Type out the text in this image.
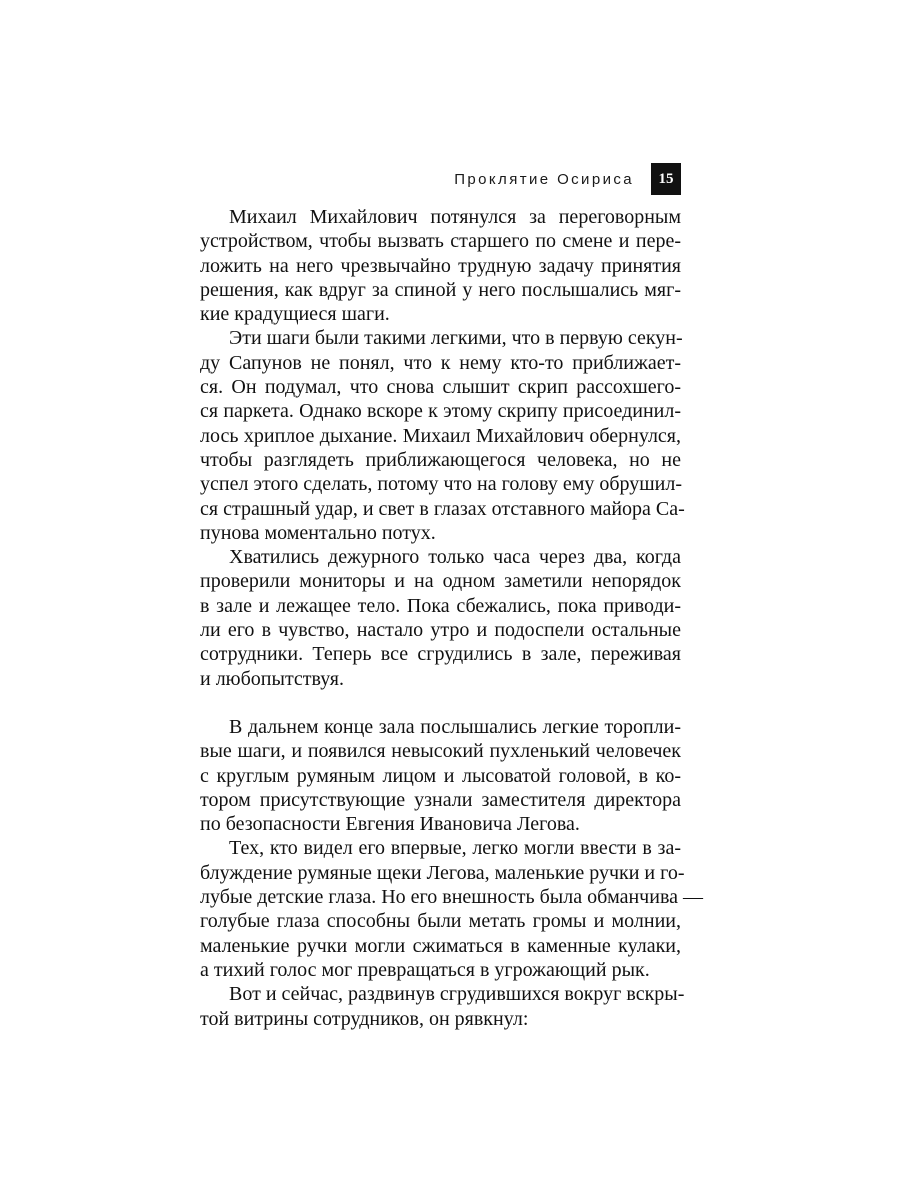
Проклятие Осириса	15

Михаил Михайлович потянулся за переговорным
устройством, чтобы вызвать старшего по смене и пере-
ложить на него чрезвычайно трудную задачу принятия
решения, как вдруг за спиной у него послышались мяг-
кие крадущиеся шаги.

Эти шаги были такими легкими, что в первую секун-
ду Сапунов не понял, что к нему кто-то приближает-
ся. Он подумал, что снова слышит скрип рассохшего-
ся паркета. Однако вскоре к этому скрипу присоединил-
лось хриплое дыхание. Михаил Михайлович обернулся,
чтобы разглядеть приближающегося человека, но не
успел этого сделать, потому что на голову ему обрушил-
ся страшный удар, и свет в глазах отставного майора Са-
пунова моментально потух.

Хватились дежурного только часа через два, когда
проверили мониторы и на одном заметили непорядок
в зале и лежащее тело. Пока сбежались, пока приводи-
ли его в чувство, настало утро и подоспели остальные
сотрудники. Теперь все сгрудились в зале, переживая
и любопытствуя.

В дальнем конце зала послышались легкие торопли-
вые шаги, и появился невысокий пухленький человечек
с круглым румяным лицом и лысоватой головой, в ко-
тором присутствующие узнали заместителя директора
по безопасности Евгения Ивановича Легова.

Тех, кто видел его впервые, легко могли ввести в за-
блуждение румяные щеки Легова, маленькие ручки и го-
лубые детские глаза. Но его внешность была обманчива —
голубые глаза способны были метать громы и молнии,
маленькие ручки могли сжиматься в каменные кулаки,
а тихий голос мог превращаться в угрожающий рык.

Вот и сейчас, раздвинув сгрудившихся вокруг вскры-
той витрины сотрудников, он рявкнул:
